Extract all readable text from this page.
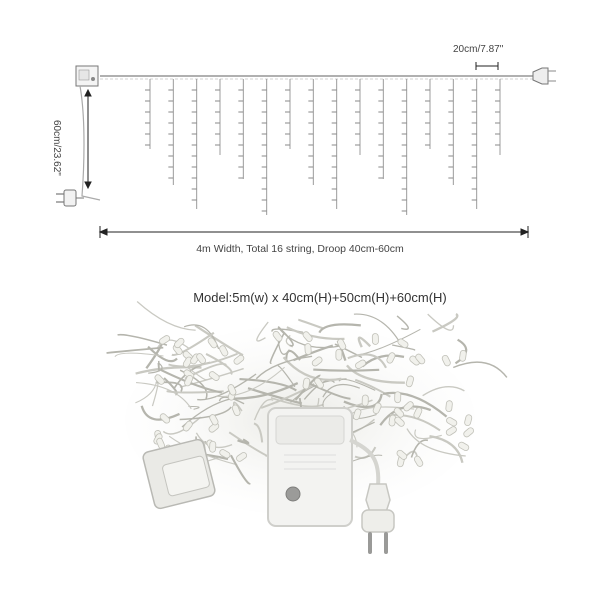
20cm/7.87"
60cm/23.62"
4m Width, Total 16 string, Droop 40cm-60cm
Model:5m(w) x 40cm(H)+50cm(H)+60cm(H)
